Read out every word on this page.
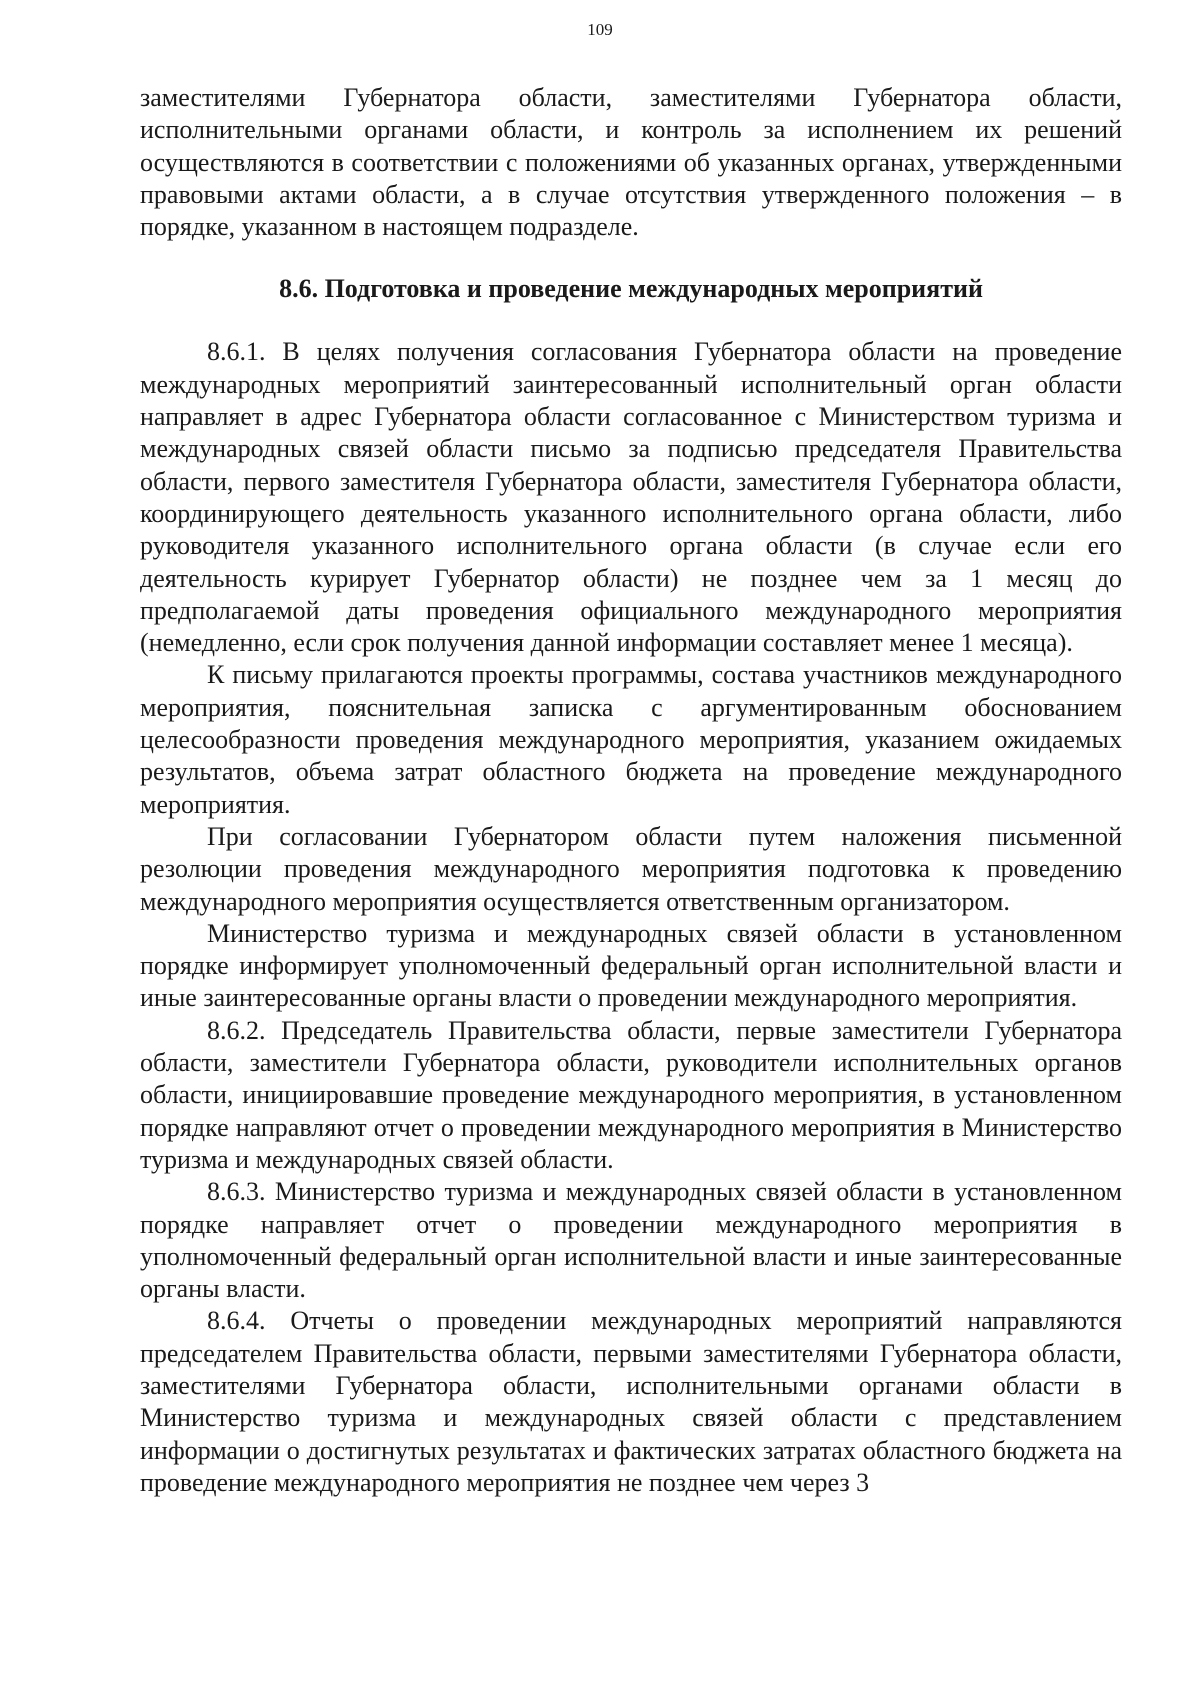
109

заместителями Губернатора области, заместителями Губернатора области, исполнительными органами области, и контроль за исполнением их решений осуществляются в соответствии с положениями об указанных органах, утвержденными правовыми актами области, а в случае отсутствия утвержденного положения – в порядке, указанном в настоящем подразделе.

8.6. Подготовка и проведение международных мероприятий

8.6.1. В целях получения согласования Губернатора области на проведение международных мероприятий заинтересованный исполнительный орган области направляет в адрес Губернатора области согласованное с Министерством туризма и международных связей области письмо за подписью председателя Правительства области, первого заместителя Губернатора области, заместителя Губернатора области, координирующего деятельность указанного исполнительного органа области, либо руководителя указанного исполнительного органа области (в случае если его деятельность курирует Губернатор области) не позднее чем за 1 месяц до предполагаемой даты проведения официального международного мероприятия (немедленно, если срок получения данной информации составляет менее 1 месяца).

К письму прилагаются проекты программы, состава участников международного мероприятия, пояснительная записка с аргументированным обоснованием целесообразности проведения международного мероприятия, указанием ожидаемых результатов, объема затрат областного бюджета на проведение международного мероприятия.

При согласовании Губернатором области путем наложения письменной резолюции проведения международного мероприятия подготовка к проведению международного мероприятия осуществляется ответственным организатором.

Министерство туризма и международных связей области в установленном порядке информирует уполномоченный федеральный орган исполнительной власти и иные заинтересованные органы власти о проведении международного мероприятия.

8.6.2. Председатель Правительства области, первые заместители Губернатора области, заместители Губернатора области, руководители исполнительных органов области, инициировавшие проведение международного мероприятия, в установленном порядке направляют отчет о проведении международного мероприятия в Министерство туризма и международных связей области.

8.6.3. Министерство туризма и международных связей области в установленном порядке направляет отчет о проведении международного мероприятия в уполномоченный федеральный орган исполнительной власти и иные заинтересованные органы власти.

8.6.4. Отчеты о проведении международных мероприятий направляются председателем Правительства области, первыми заместителями Губернатора области, заместителями Губернатора области, исполнительными органами области в Министерство туризма и международных связей области с представлением информации о достигнутых результатах и фактических затратах областного бюджета на проведение международного мероприятия не позднее чем через 3
